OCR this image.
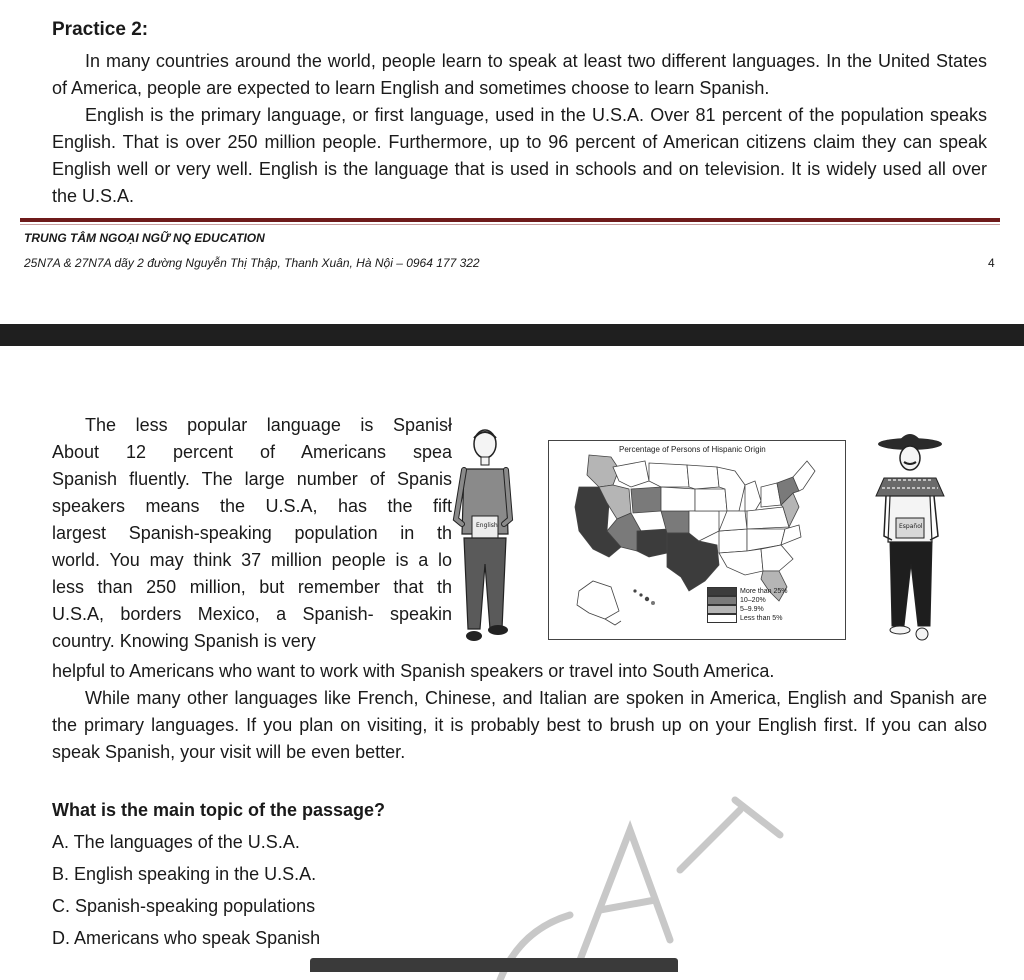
Practice 2:

In many countries around the world, people learn to speak at least two different languages. In the United States of America, people are expected to learn English and sometimes choose to learn Spanish.

English is the primary language, or first language, used in the U.S.A. Over 81 percent of the population speaks English. That is over 250 million people. Furthermore, up to 96 percent of American citizens claim they can speak English well or very well. English is the language that is used in schools and on television. It is widely used all over the U.S.A.

TRUNG TÂM NGOẠI NGỮ NQ EDUCATION
25N7A & 27N7A dãy 2 đường Nguyễn Thị Thập, Thanh Xuân, Hà Nội – 0964 177 322	4
The less popular language is Spanisł
About 12 percent of Americans spea
Spanish fluently. The large number of Spanis
speakers means the U.S.A, has the fift
largest Spanish-speaking population in th
world. You may think 37 million people is a lo
less than 250 million, but remember that th
U.S.A, borders Mexico, a Spanish- speakin
country. Knowing Spanish is very
English
Percentage of Persons of Hispanic Origin
More than 25%
10–20%
5–9.9%
Less than 5%
Español

helpful to Americans who want to work with Spanish speakers or travel into South America.

While many other languages like French, Chinese, and Italian are spoken in America, English and Spanish are the primary languages. If you plan on visiting, it is probably best to brush up on your English first. If you can also speak Spanish, your visit will be even better.

CAT
What is the main topic of the passage?
A. The languages of the U.S.A.
B. English speaking in the U.S.A.
C. Spanish-speaking populations
D. Americans who speak Spanish
